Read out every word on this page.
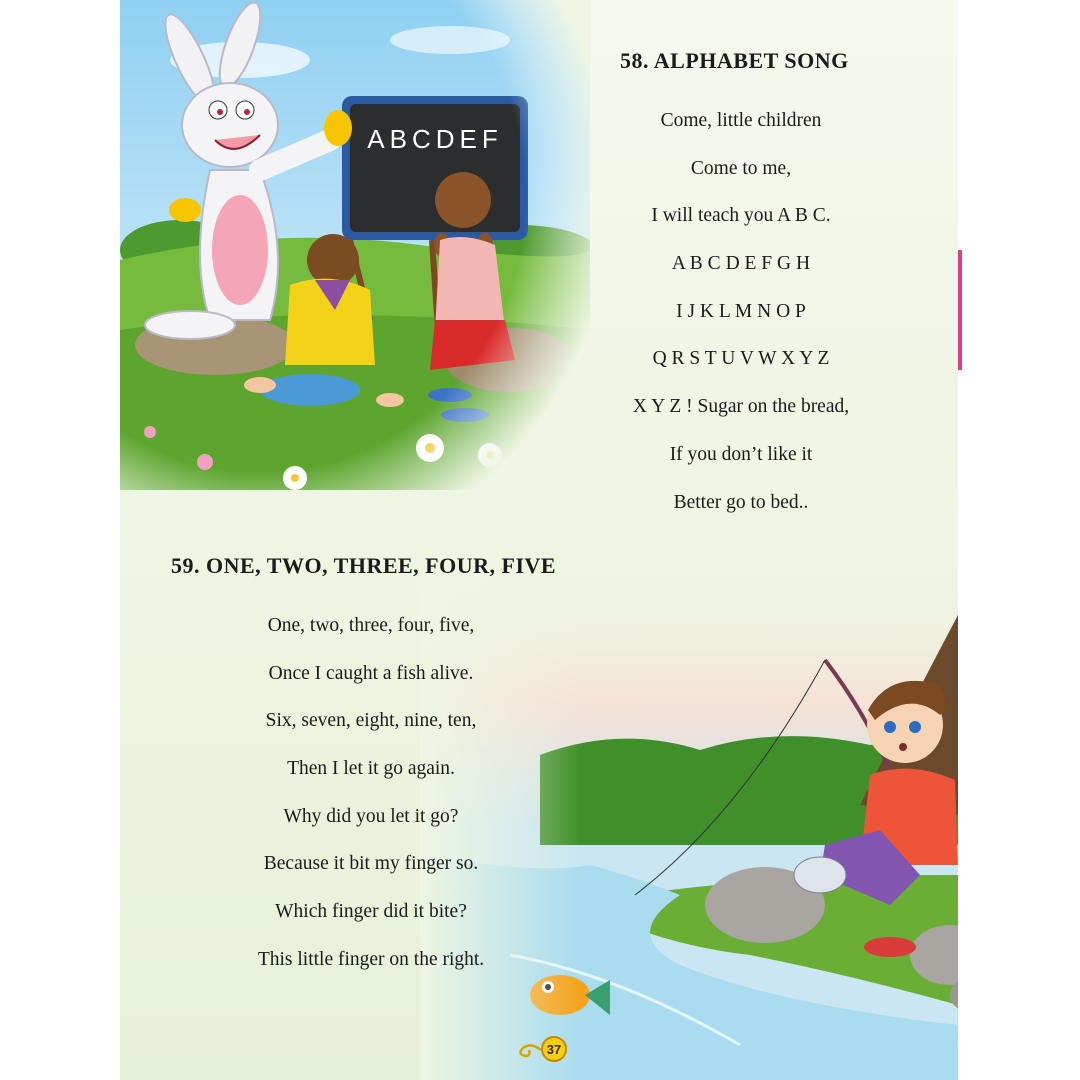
58. ALPHABET SONG
Come, little children
Come to me,
I will teach you A B C.
A B C D E F G H
I J K L M N O P
Q R S T U V W X Y Z
X Y Z ! Sugar on the bread,
If you don’t like it
Better go to bed..
59. ONE, TWO, THREE, FOUR, FIVE
One, two, three, four, five,
Once I caught a fish alive.
Six, seven, eight, nine, ten,
Then I let it go again.
Why did you let it go?
Because it bit my finger so.
Which finger did it bite?
This little finger on the right.
37
